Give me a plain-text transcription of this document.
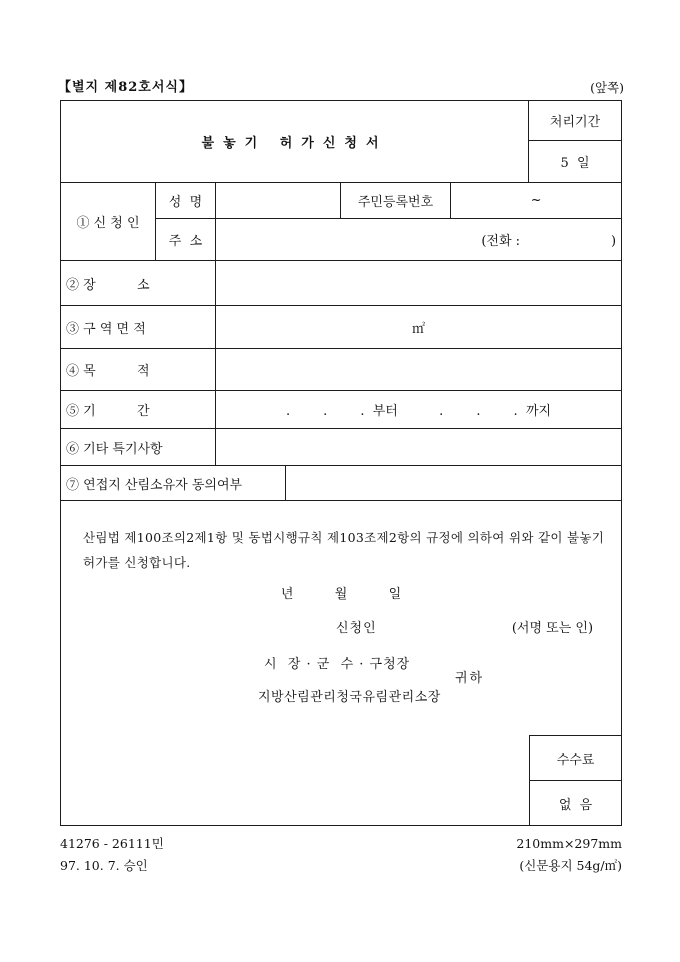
【별지 제82호서식】	(앞쪽)
불놓기 허가신청서						처리기간
						5  일
① 신 청 인	성  명			주민등록번호	~	
	주  소	(전화 :                      )				
② 장          소						
③ 구 역 면 적		㎡				
④ 목          적						
⑤ 기          간		.        .        .  부터          .        .        .  까지				
⑥ 기타 특기사항						
⑦ 연접지 산림소유자 동의여부						

산림법 제100조의2제1항 및 동법시행규칙 제103조제2항의 규정에 의하여 위와 같이 불놓기
허가를 신청합니다.
년          월          일
신청인	(서명 또는 인)
시  장 · 군  수 · 구청장
귀하
지방산림관리청국유림관리소장
수수료
없  음
41276 - 26111민
97. 10. 7. 승인
210mm×297mm
(신문용지 54g/㎡)
